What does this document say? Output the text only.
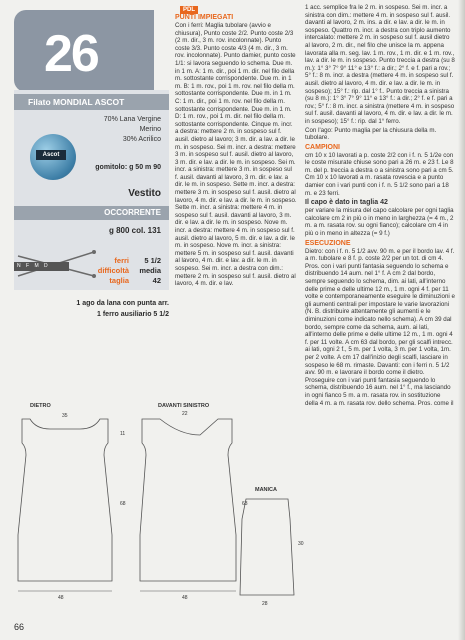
26
Filato MONDIAL ASCOT
70% Lana Vergine
Merino
30% Acrilico
Ascot
gomitolo: g 50 m 90
Vestito
OCCORRENTE
g 800 col. 131
ferri 5 1/2
difficoltà media
taglia	42
N F M D
1 ago da lana con punta arr.
1 ferro ausiliario 5 1/2
PDL
PUNTI IMPIEGATI

Con i ferri: Maglia tubolare (avvio e chiusura), Punto coste 2/2. Punto coste 2/3 (2 m. dir., 3 m. rov. incolonnate). Punto coste 3/3. Punto coste 4/3 (4 m. dir., 3 m. rov. incolonnate). Punto damier, punto coste 1/1: si lavora seguendo lo schema. Due m. in 1 m. A: 1 m. dir., poi 1 m. dir. nel filo della m. sottostante corrispondente. Due m. in 1 m. B: 1 m. rov., poi 1 m. rov. nel filo della m. sottostante corrispondente. Due m. in 1 m. C: 1 m. dir., poi 1 m. rov. nel filo della m. sottostante corrispondente. Due m. in 1 m. D: 1 m. rov., poi 1 m. dir. nel filo della m. sottostante corrispondente. Cinque m. incr. a destra: mettere 2 m. in sospeso sul f. ausil. dietro al lavoro; 3 m. dir. a lav. a dir. le m. in sospeso. Sei m. incr. a destra: mettere 3 m. in sospeso sul f. ausil. dietro al lavoro, 3 m. dir. e lav. a dir. le m. in sospeso. Sei m. incr. a sinistra: mettere 3 m. in sospeso sul f. ausil. davanti al lavoro, 3 m. dir. e lav. a dir. le m. in sospeso. Sette m. incr. a destra: mettere 3 m. in sospeso sul f. ausil. dietro al lavoro, 4 m. dir. e lav. a dir. le m. in sospeso. Sette m. incr. a sinistra: mettere 4 m. in sospeso sul f. ausil. davanti al lavoro, 3 m. dir. e lav. a dir. le m. in sospeso. Nove m. incr. a destra: mettere 4 m. in sospeso sul f. ausil. dietro al lavoro, 5 m. dir. e lav. a dir. le m. in sospeso. Nove m. incr. a sinistra: mettere 5 m. in sospeso sul f. ausil. davanti al lavoro, 4 m. dir. e lav. a dir. le m. in sospeso. Sei m. incr. a destra con dim.: mettere 2 m. in sospeso sul f. ausil. dietro al lavoro, 4 m. dir. e lav.

1 acc. semplice fra le 2 m. in sospeso. Sei m. incr. a sinistra con dim.: mettere 4 m. in sospeso sul f. ausil. davanti al lavoro, 2 m. ins. a dir. e lav. a dir. le m. in sospeso. Quattro m. incr. a destra con triplo aumento intercalato: mettere 2 m. in sospeso sul f. ausil dietro al lavoro, 2 m. dir., nel filo che unisce la m. appena lavorata alla m. seg. lav. 1 m. rov., 1 m. dir. e 1 m. rov., lav. a dir. le m. in sospeso. Punto treccia a destra (su 8 m.): 1° 3° 7° 9° 11° e 13° f.: a dir.; 2° f. e f. pari a rov.; 5° f.: 8 m. incr. a destra (mettere 4 m. in sospeso sul f. ausil. dietro al lavoro, 4 m. dir. e lav. a dir. le m. in sospeso); 15° f.: rip. dal 1° f.. Punto treccia a sinistra (su 8 m.): 1° 3° 7° 9° 11° e 13° f.: a dir.; 2° f. e f. pari a rov.; 5° f.: 8 m. incr. a sinistra (mettere 4 m. in sospeso sul f. ausil. davanti al lavoro, 4 m. dir. e lav. a dir. le m. in sospeso); 15° f.: rip. dal 1° ferro.

Con l'ago: Punto maglia per la chiusura della m. tubolare.

CAMPIONI

cm 10 x 10 lavorati a p. coste 2/2 con i f. n. 5 1/2e con le coste misurate chiuse sono pari a 26 m. e 23 f. Le 8 m. del p. treccia a destra o a sinistra sono pari a cm 5. Cm 10 x 10 lavorati a m. rasata rovescia e a punto damier con i vari punti con i f. n. 5 1/2 sono pari a 18 m. e 23 ferri.

Il capo è dato in taglia 42

per variare la misura del capo calcolare per ogni taglia calcolare cm 2 in più o in meno in larghezza (= 4 m., 2 m. a m. rasata rov. su ogni fianco); calcolare cm 4 in più o in meno in altezza (= 9 f.)

ESECUZIONE

Dietro: con i f. n. 5 1/2 avv. 90 m. e per il bordo lav. 4 f. a m. tubolare e 8 f. p. coste 2/2 per un tot. di cm 4. Pros. con i vari punti fantasia seguendo lo schema e distribuendo 14 aum. nel 1° f. A cm 2 dal bordo, sempre seguendo lo schema, dim. ai lati, all'interno delle prime e delle ultime 12 m., 1 m. ogni 4 f. per 11 volte e contemporaneamente eseguire le diminuzioni e gli aumenti centrali per impostare le varie lavorazioni (N. B. distribuire attentamente gli aumenti e le diminuzioni come indicato nello schema). A cm 39 dal bordo, sempre come da schema, aum. ai lati, all'interno delle prime e delle ultime 12 m., 1 m. ogni 4 f. per 11 volte. A cm 63 dal bordo, per gli scalfi intrecc. ai lati, ogni 2 f., 5 m. per 1 volta, 3 m. per 1 volta, 1m. per 2 volte. A cm 17 dall'inizio degli scalfi, lasciare in sospeso le 68 m. rimaste. Davanti: con i ferri n. 5 1/2 avv. 90 m. e lavorare il bordo come il dietro. Proseguire con i vari punti fantasia seguendo lo schema, distribuendo 16 aum. nel 1° f., ma lasciando in ogni fianco 5 m. a m. rasata rov. in sostituzione della 4 m. a m. rasata rov. dello schema. Pros. come il

DIETRO	DAVANTI SINISTRO
MANICA
48
68
35
11
48
22
63
30
28
66
